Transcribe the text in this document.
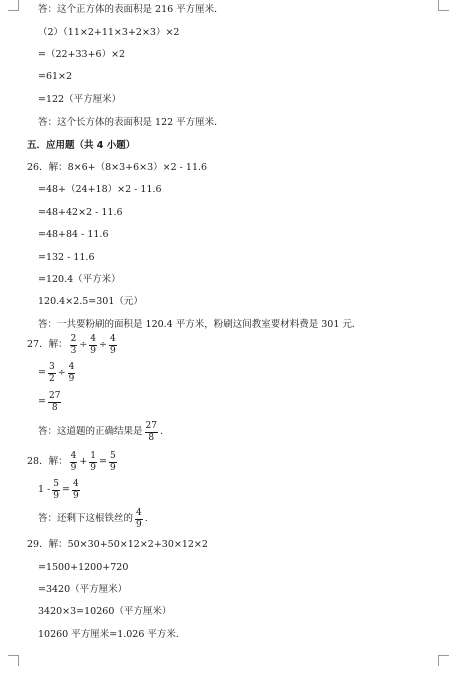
答：这个正方体的表面积是 216 平方厘米．
（2）（11×2+11×3+2×3）×2
=（22+33+6）×2
=61×2
=122（平方厘米）
答：这个长方体的表面积是 122 平方厘米．
五．应用题（共 4 小题）
26．解：8×6+（8×3+6×3）×2 - 11.6
=48+（24+18）×2 - 11.6
=48+42×2 - 11.6
=48+84 - 11.6
=132 - 11.6
=120.4（平方米）
120.4×2.5=301（元）
答：一共要粉刷的面积是 120.4 平方米，粉刷这间教室要材料费是 301 元．
27．解： $\frac{2}{3} \div \frac{4}{9} \div \frac{4}{9}$
= $\frac{3}{2} \div \frac{4}{9}$
= $\frac{27}{8}$
答：这道题的正确结果是 $\frac{27}{8}$ .
28．解： $\frac{4}{9} + \frac{1}{9} = \frac{5}{9}$
$1 - \frac{5}{9} = \frac{4}{9}$
答：还剩下这根铁丝的 $\frac{4}{9}$ .
29．解：50×30+50×12×2+30×12×2
=1500+1200+720
=3420（平方厘米）
3420×3=10260（平方厘米）
10260 平方厘米=1.026 平方米.
